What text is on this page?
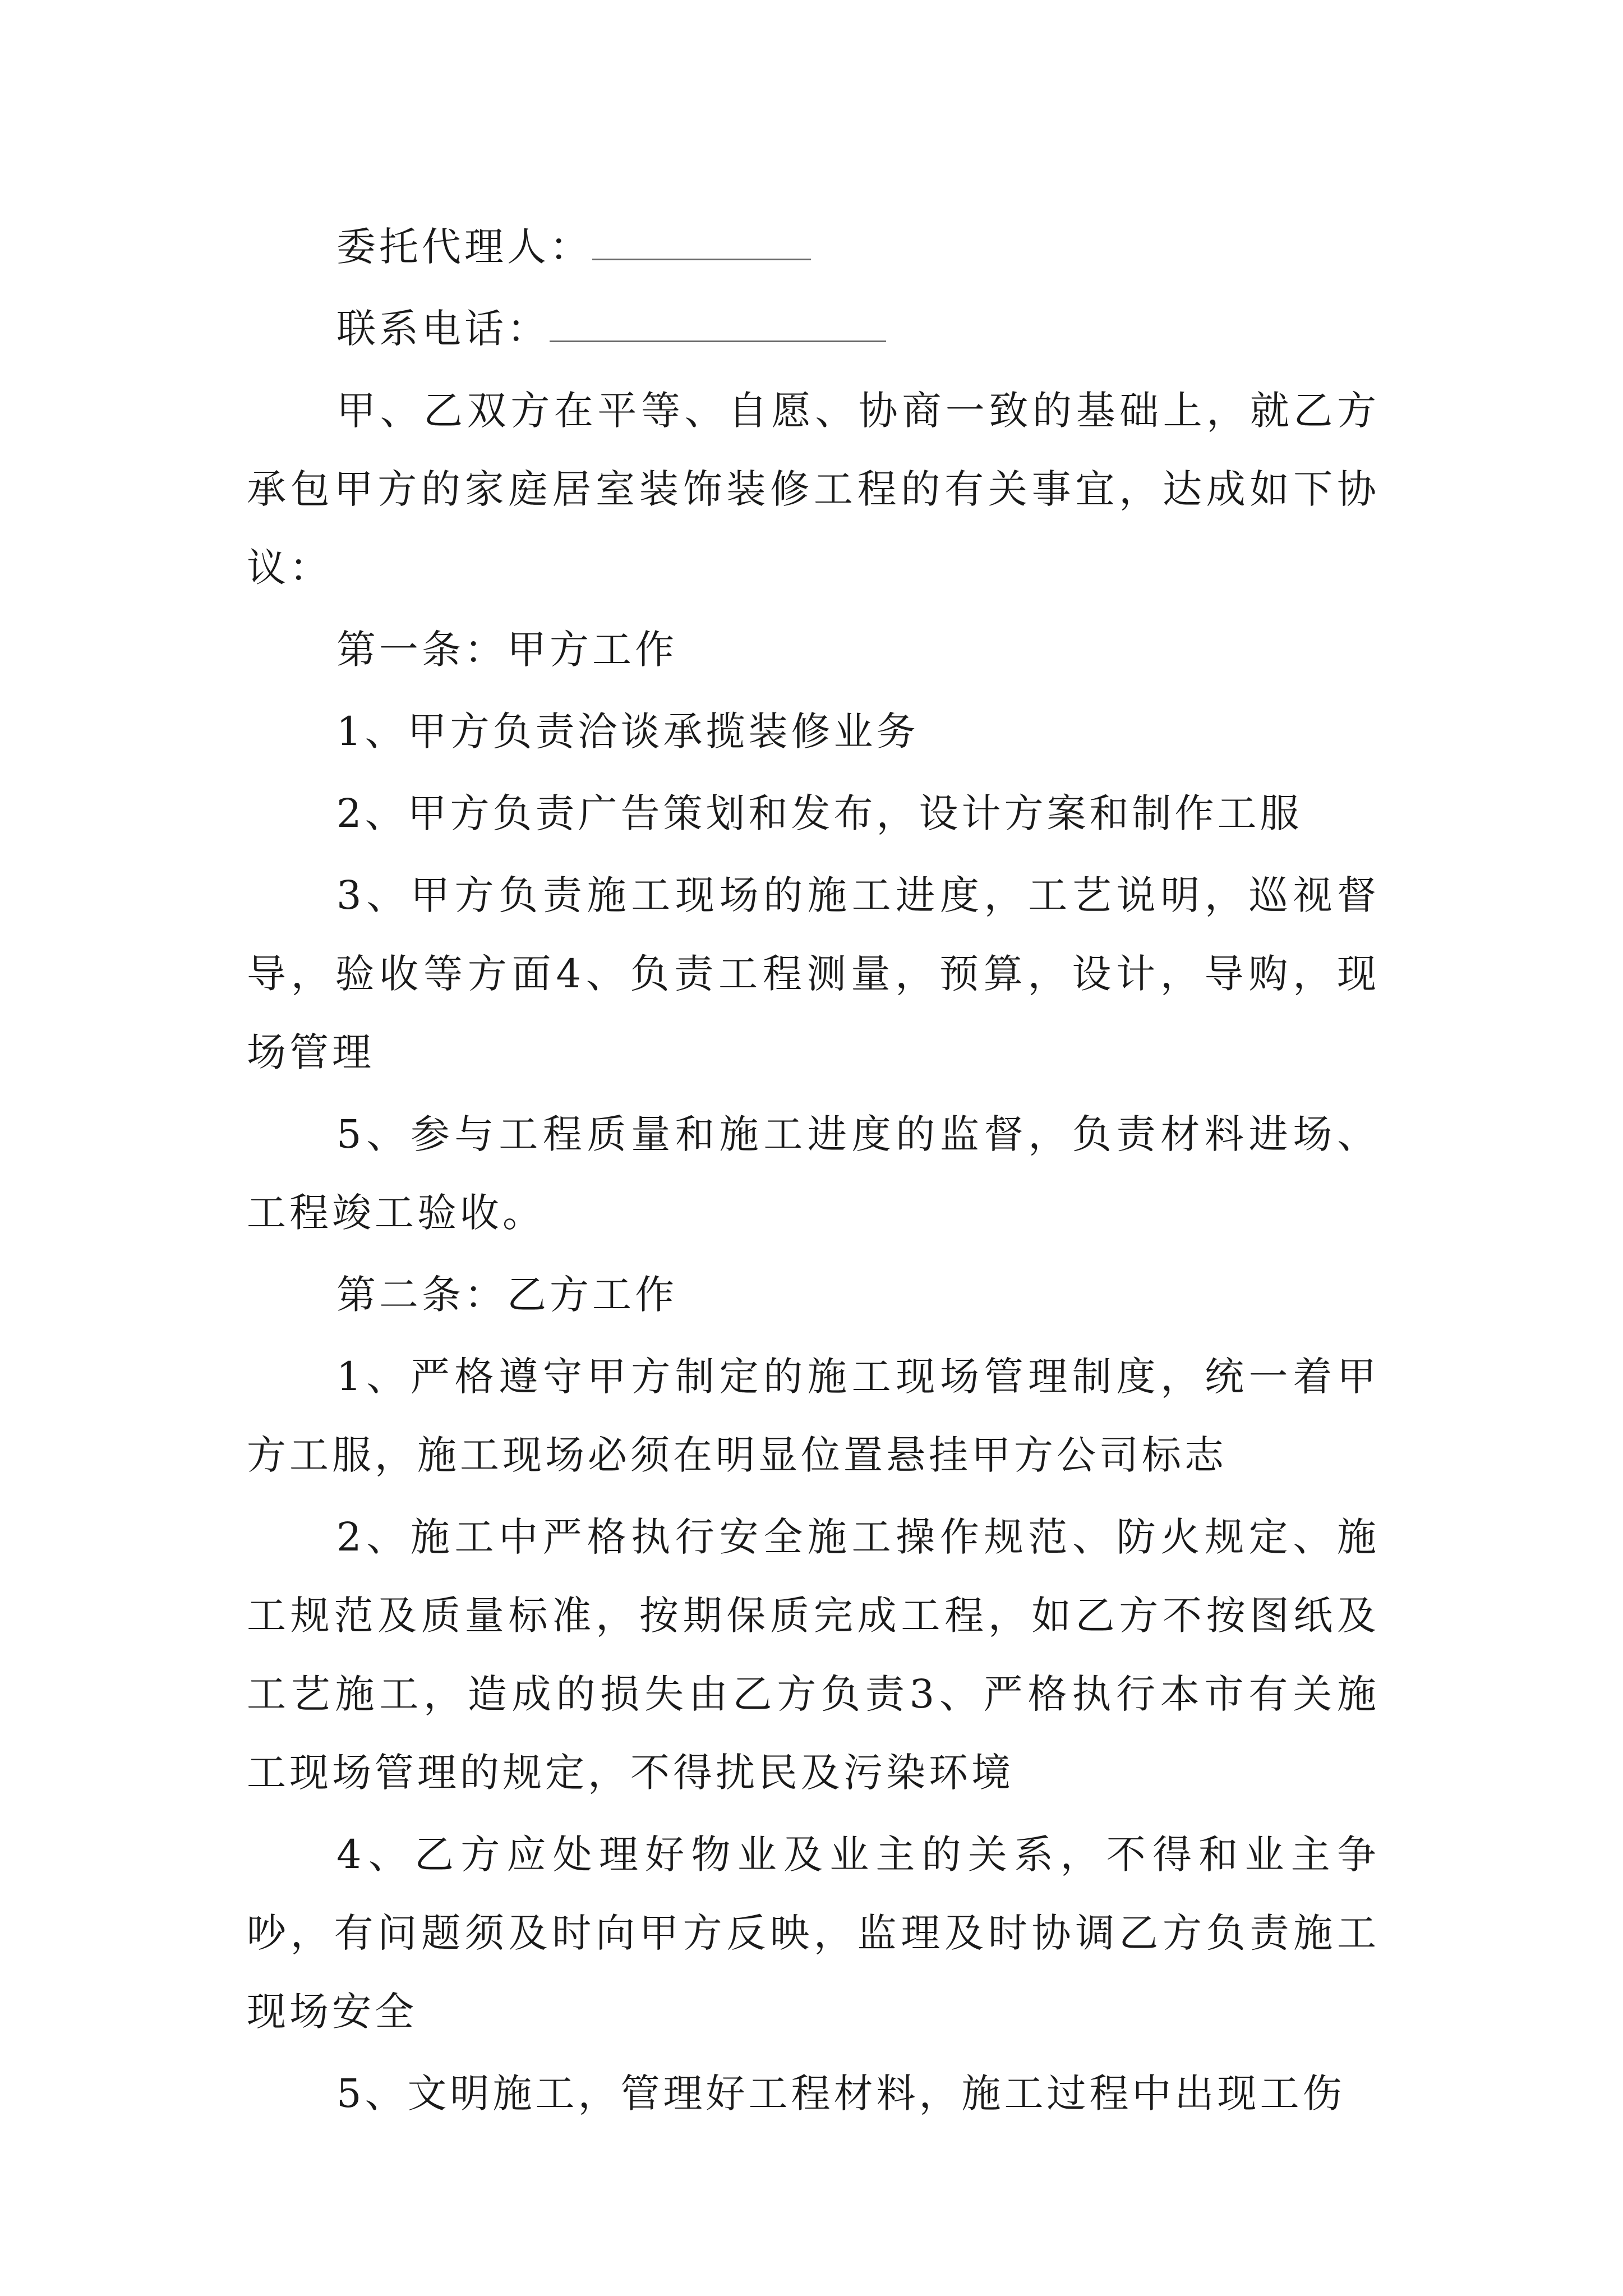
委托代理人：
联系电话：

甲、乙双方在平等、自愿、协商一致的基础上，就乙方承包甲方的家庭居室装饰装修工程的有关事宜，达成如下协议：

第一条：甲方工作

1、甲方负责洽谈承揽装修业务

2、甲方负责广告策划和发布，设计方案和制作工服

3、甲方负责施工现场的施工进度，工艺说明，巡视督导，验收等方面4、负责工程测量，预算，设计，导购，现场管理

5、参与工程质量和施工进度的监督，负责材料进场、工程竣工验收。

第二条：乙方工作

1、严格遵守甲方制定的施工现场管理制度，统一着甲方工服，施工现场必须在明显位置悬挂甲方公司标志

2、施工中严格执行安全施工操作规范、防火规定、施工规范及质量标准，按期保质完成工程，如乙方不按图纸及工艺施工，造成的损失由乙方负责3、严格执行本市有关施工现场管理的规定，不得扰民及污染环境

4、乙方应处理好物业及业主的关系，不得和业主争吵，有问题须及时向甲方反映，监理及时协调乙方负责施工现场安全

5、文明施工，管理好工程材料，施工过程中出现工伤
